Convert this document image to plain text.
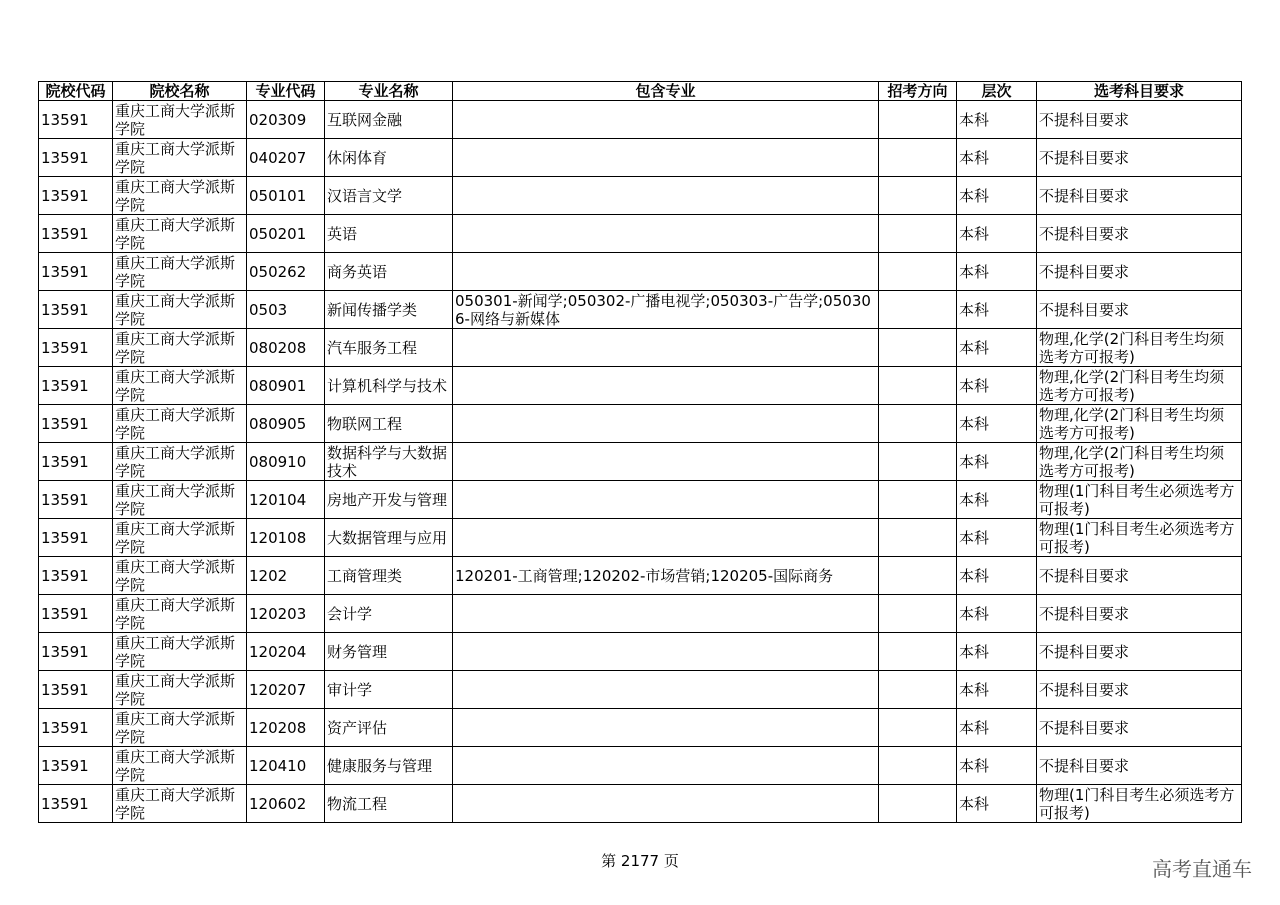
院校代码	院校名称	专业代码	专业名称	包含专业	招考方向	层次	选考科目要求
13591	重庆工商大学派斯学院	020309	互联网金融			本科	不提科目要求
13591	重庆工商大学派斯学院	040207	休闲体育			本科	不提科目要求
13591	重庆工商大学派斯学院	050101	汉语言文学			本科	不提科目要求
13591	重庆工商大学派斯学院	050201	英语			本科	不提科目要求
13591	重庆工商大学派斯学院	050262	商务英语			本科	不提科目要求
13591	重庆工商大学派斯学院	0503	新闻传播学类	050301-新闻学;050302-广播电视学;050303-广告学;050306-网络与新媒体		本科	不提科目要求
13591	重庆工商大学派斯学院	080208	汽车服务工程			本科	物理,化学(2门科目考生均须选考方可报考)
13591	重庆工商大学派斯学院	080901	计算机科学与技术			本科	物理,化学(2门科目考生均须选考方可报考)
13591	重庆工商大学派斯学院	080905	物联网工程			本科	物理,化学(2门科目考生均须选考方可报考)
13591	重庆工商大学派斯学院	080910	数据科学与大数据技术			本科	物理,化学(2门科目考生均须选考方可报考)
13591	重庆工商大学派斯学院	120104	房地产开发与管理			本科	物理(1门科目考生必须选考方可报考)
13591	重庆工商大学派斯学院	120108	大数据管理与应用			本科	物理(1门科目考生必须选考方可报考)
13591	重庆工商大学派斯学院	1202	工商管理类	120201-工商管理;120202-市场营销;120205-国际商务		本科	不提科目要求
13591	重庆工商大学派斯学院	120203	会计学			本科	不提科目要求
13591	重庆工商大学派斯学院	120204	财务管理			本科	不提科目要求
13591	重庆工商大学派斯学院	120207	审计学			本科	不提科目要求
13591	重庆工商大学派斯学院	120208	资产评估			本科	不提科目要求
13591	重庆工商大学派斯学院	120410	健康服务与管理			本科	不提科目要求
13591	重庆工商大学派斯学院	120602	物流工程			本科	物理(1门科目考生必须选考方可报考)
第 2177 页	高考直通车
